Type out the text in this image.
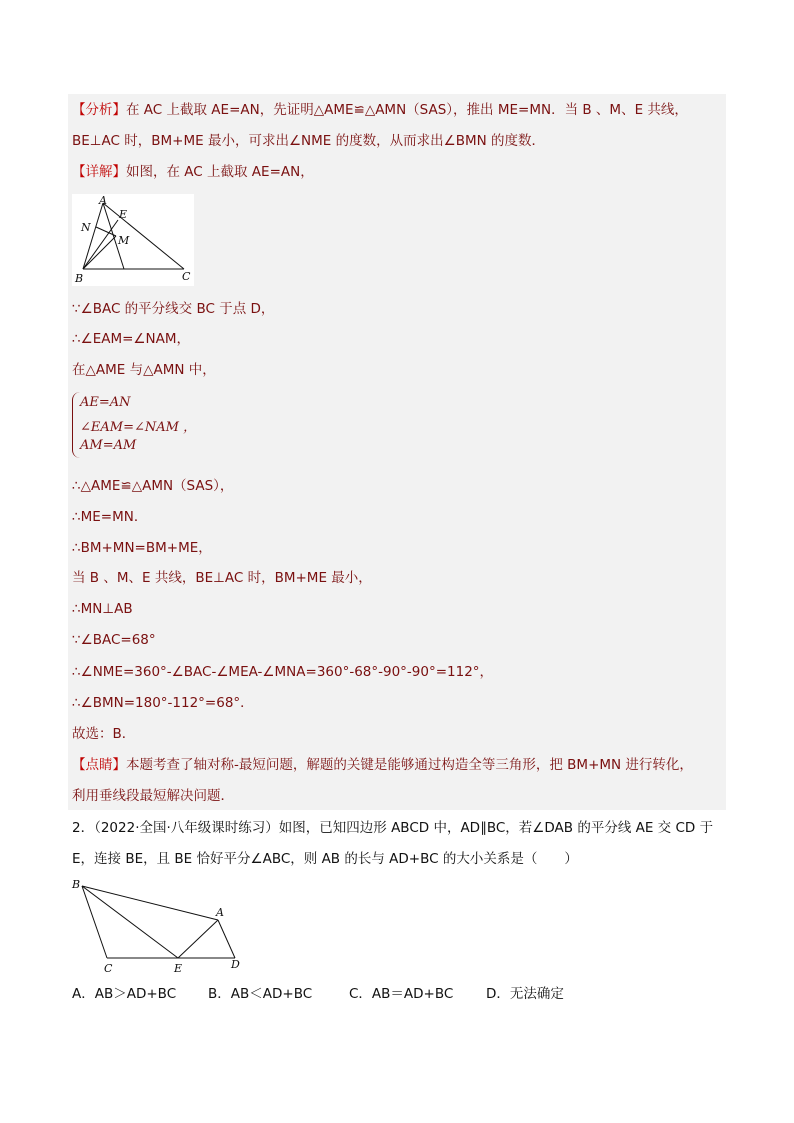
【分析】在 AC 上截取 AE=AN，先证明△AME≌△AMN（SAS），推出 ME=MN．当 B 、M、E 共线，
BE⊥AC 时，BM+ME 最小，可求出∠NME 的度数，从而求出∠BMN 的度数．
【详解】如图，在 AC 上截取 AE=AN，
A
E
N
M
B	C
∵∠BAC 的平分线交 BC 于点 D，
∴∠EAM=∠NAM，
在△AME 与△AMN 中，
AE=AN
∠EAM=∠NAM ，
AM=AM
∴△AME≌△AMN（SAS），
∴ME=MN．
∴BM+MN=BM+ME，
当 B 、M、E 共线，BE⊥AC 时，BM+ME 最小，
∴MN⊥AB
∵∠BAC=68°
∴∠NME=360°-∠BAC-∠MEA-∠MNA=360°-68°-90°-90°=112°，
∴∠BMN=180°-112°=68°．
故选：B．
【点睛】本题考查了轴对称-最短问题，解题的关键是能够通过构造全等三角形，把 BM+MN 进行转化，
利用垂线段最短解决问题．
2．（2022·全国·八年级课时练习）如图，已知四边形 ABCD 中，AD∥BC，若∠DAB 的平分线 AE 交 CD 于
E，连接 BE，且 BE 恰好平分∠ABC，则 AB 的长与 AD+BC 的大小关系是（　　）
B
A
C	E	D
A．AB＞AD+BC B．AB＜AD+BC	C．AB＝AD+BC D．无法确定
